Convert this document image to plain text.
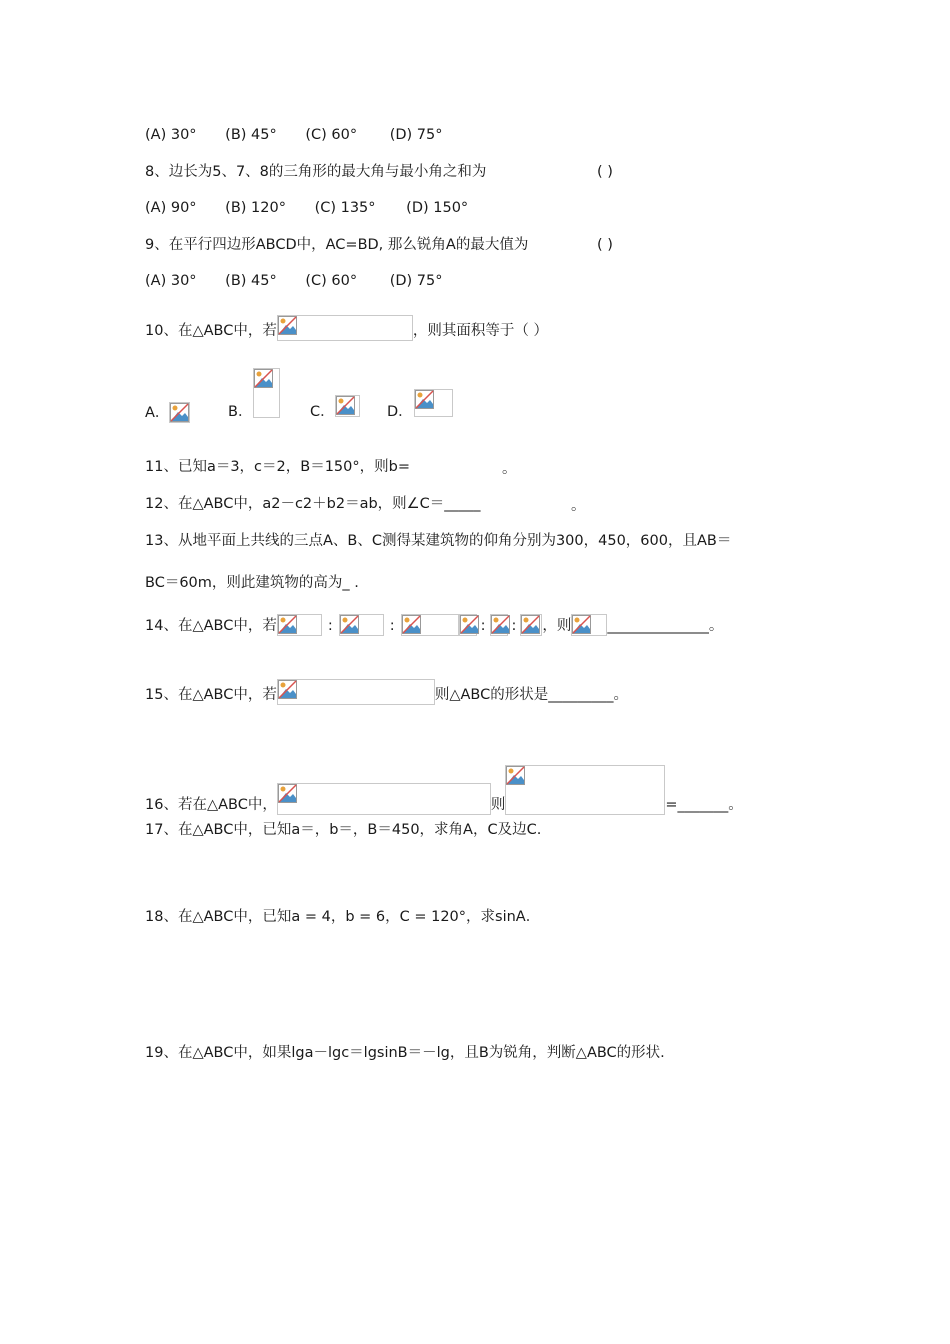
(A) 30° (B) 45° (C) 60° (D) 75°
8、边长为5、7、8的三角形的最大角与最小角之和为	( )
(A) 90° (B) 120° (C) 135° (D) 150°
9、在平行四边形ABCD中，AC=BD, 那么锐角A的最大值为	( )
(A) 30° (B) 45° (C) 60° (D) 75°
10、在△ABC中，若	，则其面积等于（ ）
A．	B．	C．	D．
11、已知a＝3，c＝2，B＝150°，则b=	。
12、在△ABC中，a2－c2＋b2＝ab，则∠C＝_____	。
13、从地平面上共线的三点A、B、C测得某建筑物的仰角分别为300，450，600，且AB＝
BC＝60m，则此建筑物的高为_ .
14、在△ABC中，若	:	:	: : ，则 ______________。
15、在△ABC中，若	则△ABC的形状是_________。
16、若在△ABC中，	则	=_______。
17、在△ABC中，已知a＝，b＝，B＝450，求角A，C及边C.
18、在△ABC中，已知a = 4，b = 6，C = 120°，求sinA．
19、在△ABC中，如果lga－lgc＝lgsinB＝－lg，且B为锐角，判断△ABC的形状.
